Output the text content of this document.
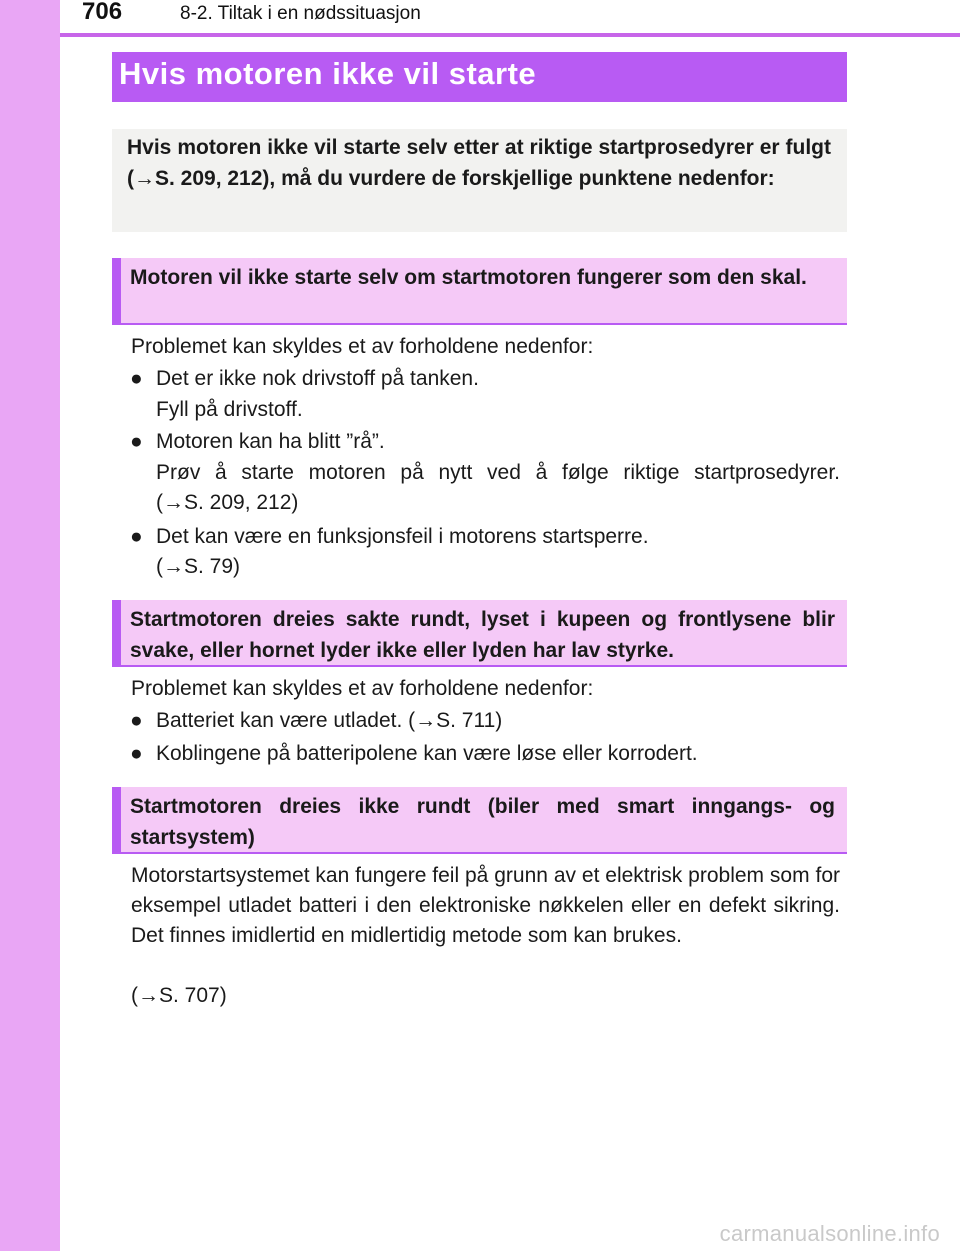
706	8-2. Tiltak i en nødssituasjon
Hvis motoren ikke vil starte
Hvis motoren ikke vil starte selv etter at riktige startprosedyrer er fulgt (→S. 209, 212), må du vurdere de forskjellige punktene nedenfor:
Motoren vil ikke starte selv om startmotoren fungerer som den skal.
Problemet kan skyldes et av forholdene nedenfor:
● Det er ikke nok drivstoff på tanken.
Fyll på drivstoff.
● Motoren kan ha blitt ”rå”.
Prøv å starte motoren på nytt ved å følge riktige startprosedyrer.
(→S. 209, 212)
● Det kan være en funksjonsfeil i motorens startsperre.
(→S. 79)
Startmotoren dreies sakte rundt, lyset i kupeen og frontlysene blir svake, eller hornet lyder ikke eller lyden har lav styrke.
Problemet kan skyldes et av forholdene nedenfor:
● Batteriet kan være utladet. (→S. 711)
● Koblingene på batteripolene kan være løse eller korrodert.
Startmotoren dreies ikke rundt (biler med smart inngangs- og startsystem)
Motorstartsystemet kan fungere feil på grunn av et elektrisk problem som for eksempel utladet batteri i den elektroniske nøkkelen eller en defekt sikring. Det finnes imidlertid en midlertidig metode som kan brukes.
(→S. 707)
carmanualsonline.info
